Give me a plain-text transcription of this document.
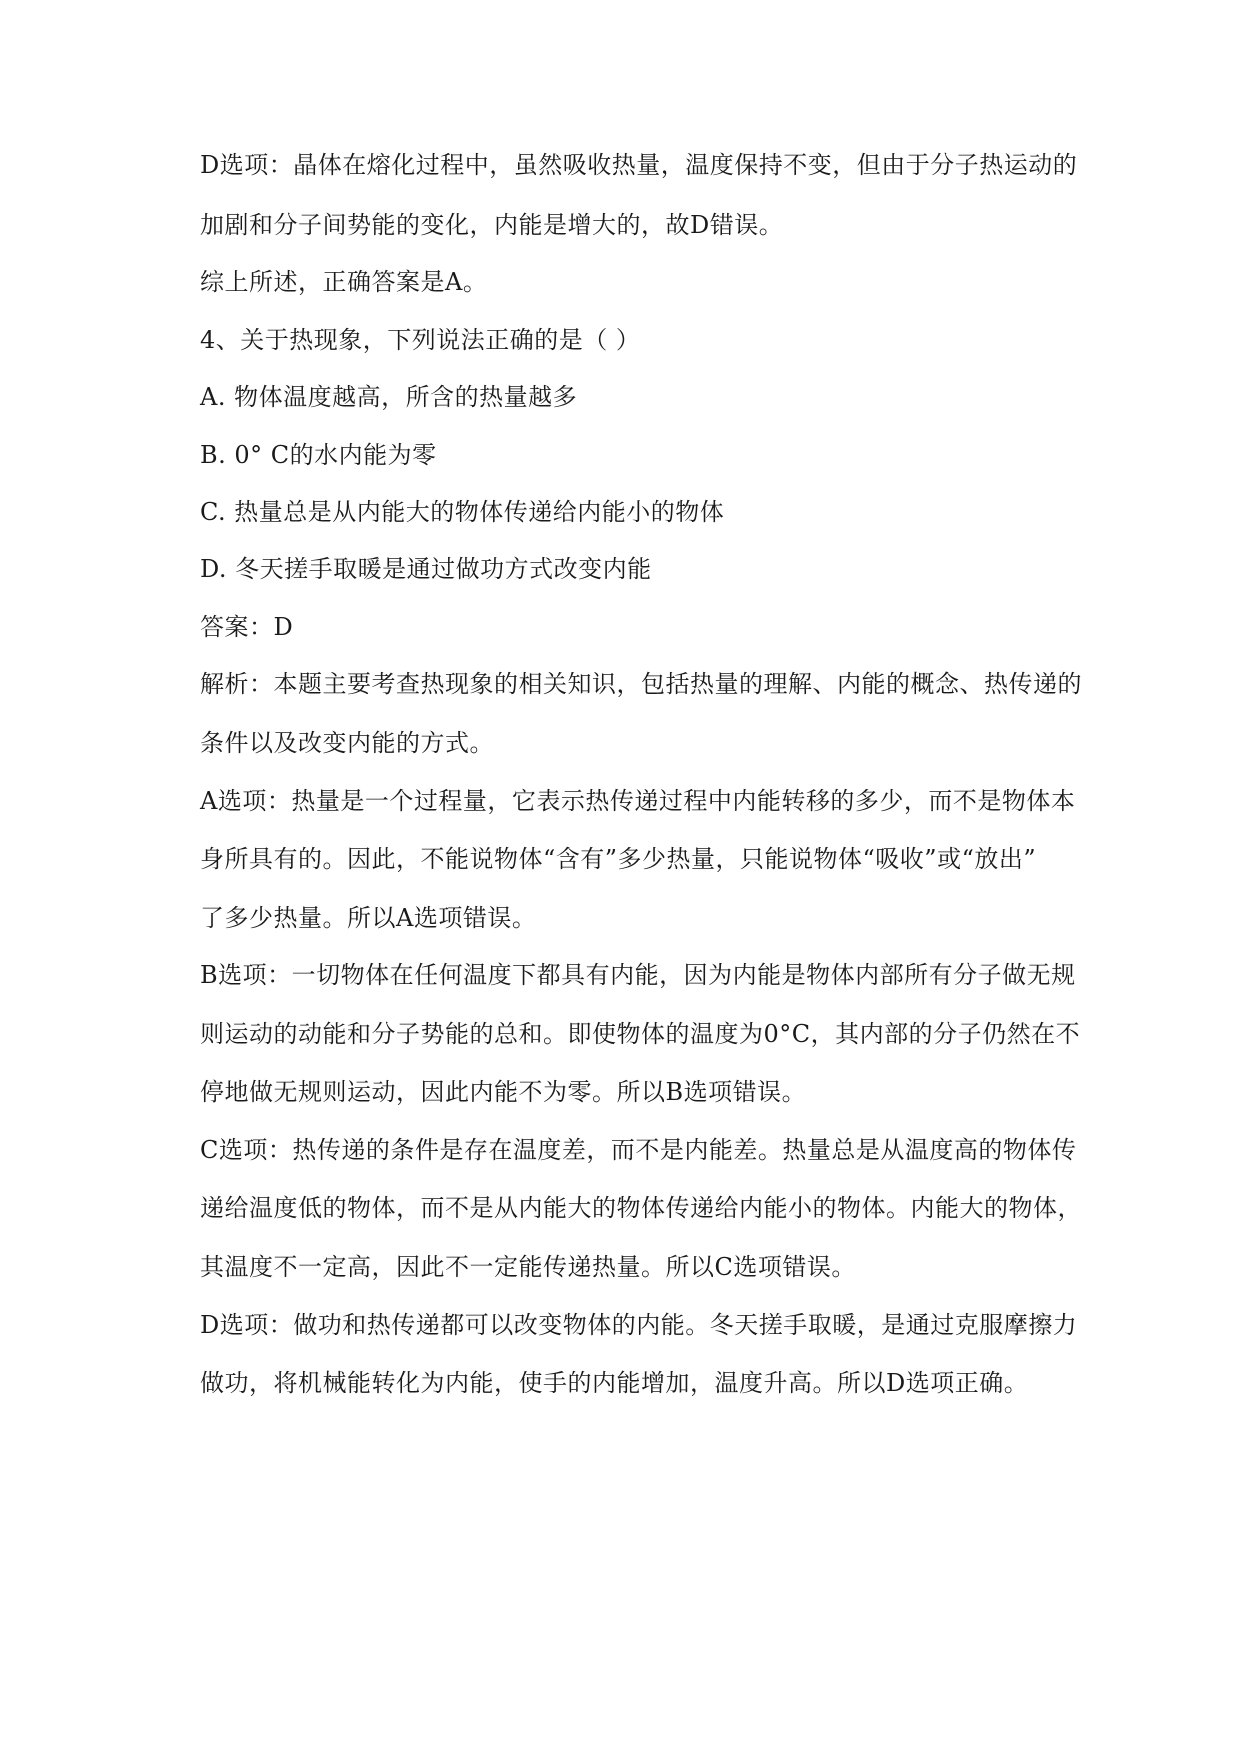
D选项：晶体在熔化过程中，虽然吸收热量，温度保持不变，但由于分子热运动的
加剧和分子间势能的变化，内能是增大的，故D错误。
综上所述，正确答案是A。
4、关于热现象，下列说法正确的是（ ）
A. 物体温度越高，所含的热量越多
B. 0° C的水内能为零
C. 热量总是从内能大的物体传递给内能小的物体
D. 冬天搓手取暖是通过做功方式改变内能
答案：D
解析：本题主要考查热现象的相关知识，包括热量的理解、内能的概念、热传递的
条件以及改变内能的方式。
A选项：热量是一个过程量，它表示热传递过程中内能转移的多少，而不是物体本
身所具有的。因此，不能说物体“含有”多少热量，只能说物体“吸收”或“放出”
了多少热量。所以A选项错误。
B选项：一切物体在任何温度下都具有内能，因为内能是物体内部所有分子做无规
则运动的动能和分子势能的总和。即使物体的温度为0°C，其内部的分子仍然在不
停地做无规则运动，因此内能不为零。所以B选项错误。
C选项：热传递的条件是存在温度差，而不是内能差。热量总是从温度高的物体传
递给温度低的物体，而不是从内能大的物体传递给内能小的物体。内能大的物体，
其温度不一定高，因此不一定能传递热量。所以C选项错误。
D选项：做功和热传递都可以改变物体的内能。冬天搓手取暖，是通过克服摩擦力
做功，将机械能转化为内能，使手的内能增加，温度升高。所以D选项正确。
